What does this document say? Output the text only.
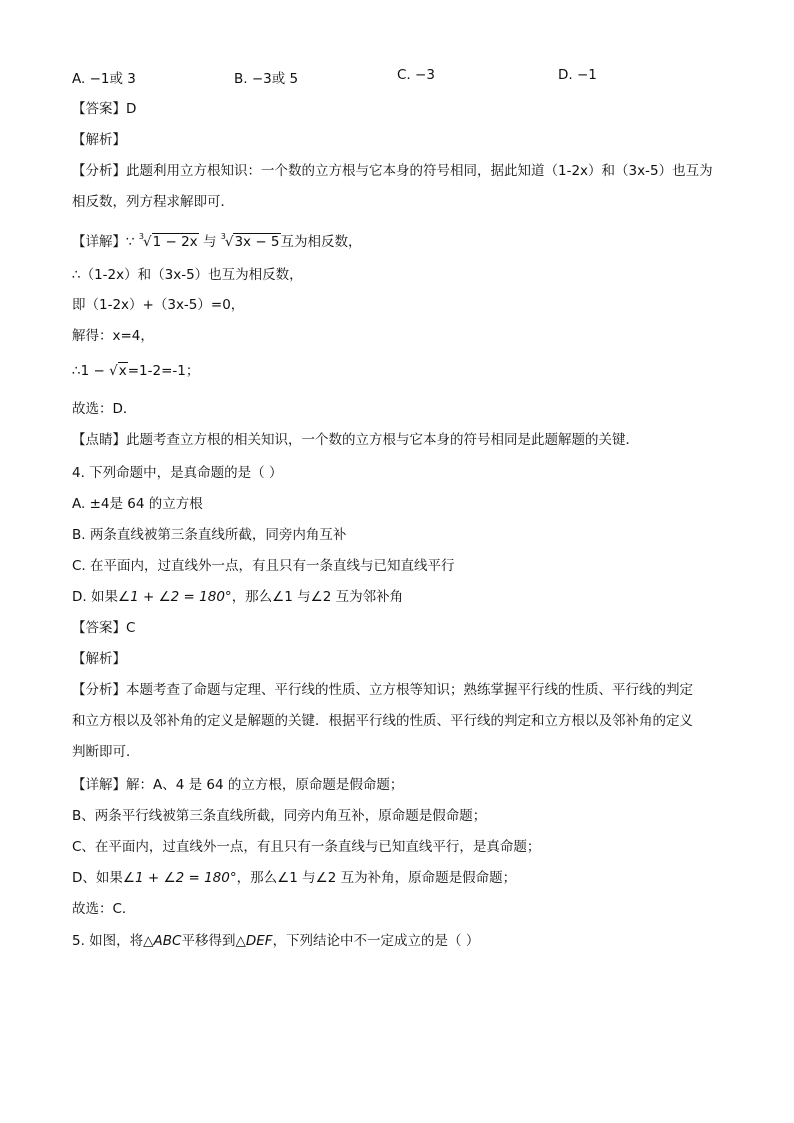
A. −1或 3	B. −3或 5	C. −3	D. −1
【答案】D
【解析】
【分析】此题利用立方根知识：一个数的立方根与它本身的符号相同，据此知道（1-2x）和（3x-5）也互为
相反数，列方程求解即可．
【详解】∵ $^3$√1 − 2x 与 $^3$√3x − 5互为相反数，
∴（1-2x）和（3x-5）也互为相反数，
即（1-2x）+（3x-5）=0，
解得：x=4，
∴1 − √x=1-2=-1；
故选：D．
【点睛】此题考查立方根的相关知识，一个数的立方根与它本身的符号相同是此题解题的关键．
4. 下列命题中，是真命题的是（ ）
A. ±4是 64 的立方根
B. 两条直线被第三条直线所截，同旁内角互补
C. 在平面内，过直线外一点，有且只有一条直线与已知直线平行
D. 如果∠1 + ∠2 = 180°，那么∠1 与∠2 互为邻补角
【答案】C
【解析】
【分析】本题考查了命题与定理、平行线的性质、立方根等知识；熟练掌握平行线的性质、平行线的判定
和立方根以及邻补角的定义是解题的关键．根据平行线的性质、平行线的判定和立方根以及邻补角的定义
判断即可．
【详解】解：A、4 是 64 的立方根，原命题是假命题；
B、两条平行线被第三条直线所截，同旁内角互补，原命题是假命题；
C、在平面内，过直线外一点，有且只有一条直线与已知直线平行，是真命题；
D、如果∠1 + ∠2 = 180°，那么∠1 与∠2 互为补角，原命题是假命题；
故选：C．
5. 如图，将△ABC平移得到△DEF，下列结论中不一定成立的是（ ）
